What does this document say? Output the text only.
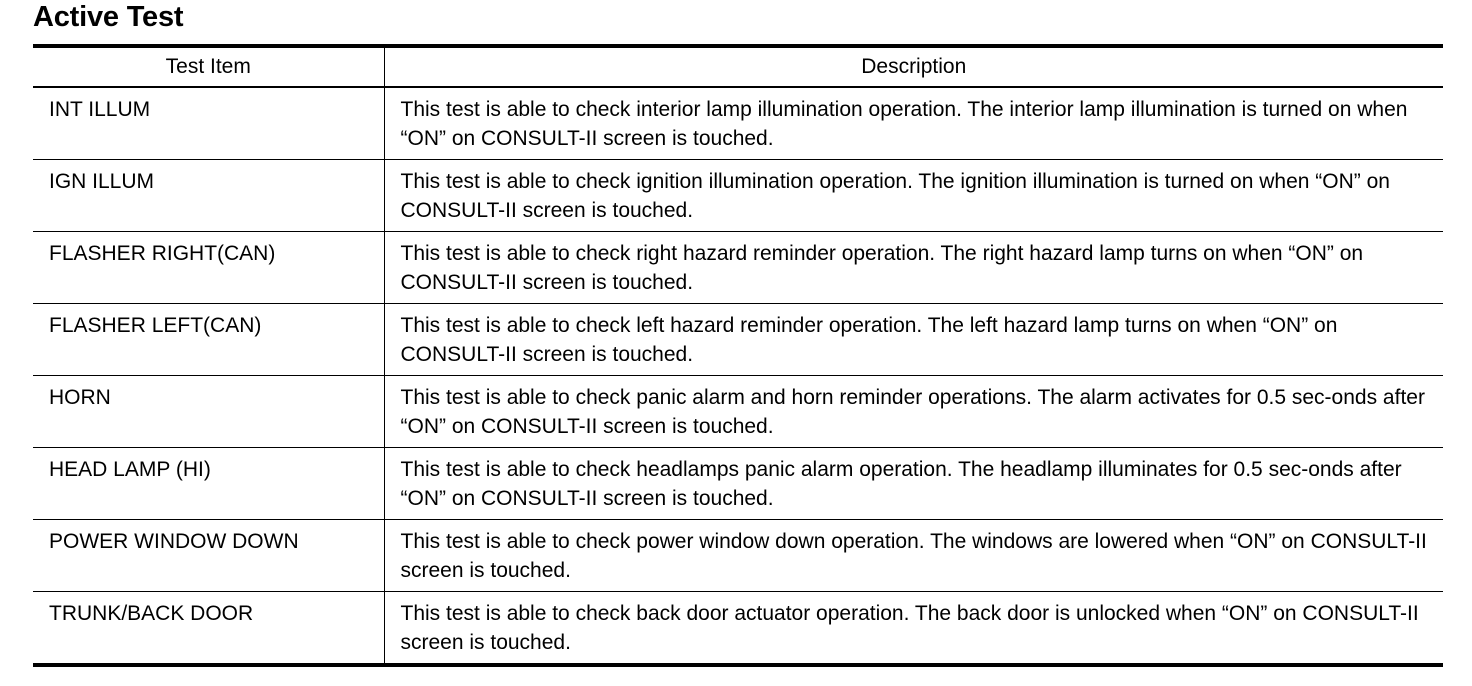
Active Test
Test Item	Description
INT ILLUM	This test is able to check interior lamp illumination operation. The interior lamp illumination is turned on when “ON” on CONSULT-II screen is touched.
IGN ILLUM	This test is able to check ignition illumination operation. The ignition illumination is turned on when “ON” on CONSULT-II screen is touched.
FLASHER RIGHT(CAN)	This test is able to check right hazard reminder operation. The right hazard lamp turns on when “ON” on CONSULT-II screen is touched.
FLASHER LEFT(CAN)	This test is able to check left hazard reminder operation. The left hazard lamp turns on when “ON” on CONSULT-II screen is touched.
HORN	This test is able to check panic alarm and horn reminder operations. The alarm activates for 0.5 sec-onds after “ON” on CONSULT-II screen is touched.
HEAD LAMP (HI)	This test is able to check headlamps panic alarm operation. The headlamp illuminates for 0.5 sec-onds after “ON” on CONSULT-II screen is touched.
POWER WINDOW DOWN	This test is able to check power window down operation. The windows are lowered when “ON” on CONSULT-II screen is touched.
TRUNK/BACK DOOR	This test is able to check back door actuator operation. The back door is unlocked when “ON” on CONSULT-II screen is touched.
